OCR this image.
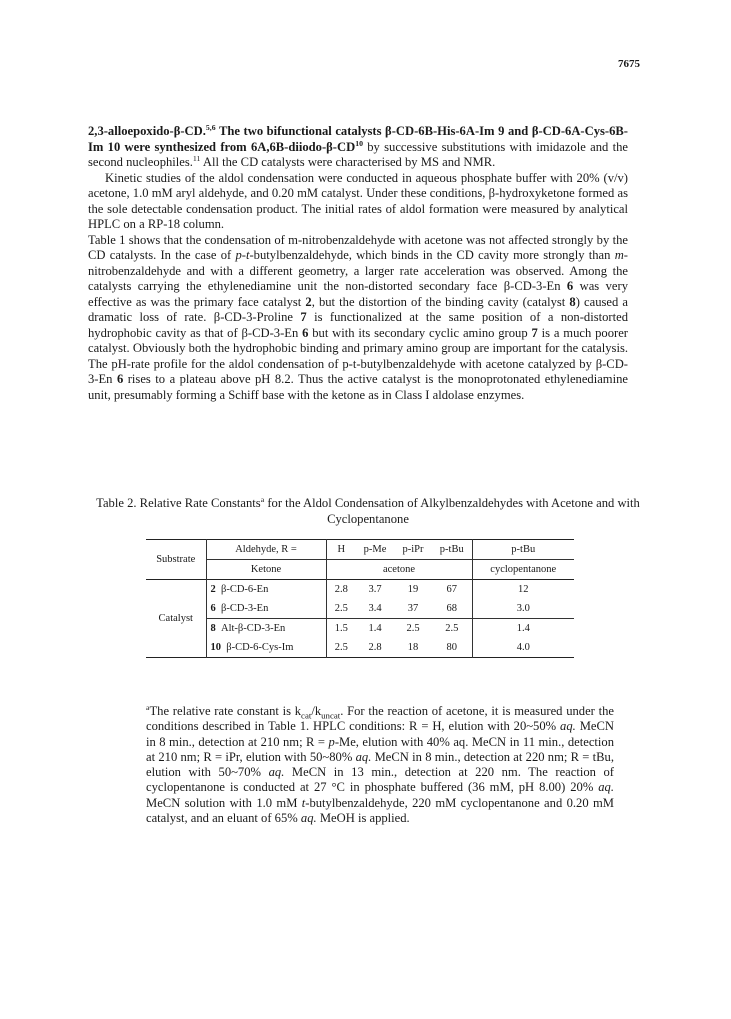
7675

2,3-alloepoxido-β-CD.$^{5,6}$ The two bifunctional catalysts β-CD-6B-His-6A-Im 9 and β-CD-6A-Cys-6B-Im 10 were synthesized from 6A,6B-diiodo-β-CD$^{10}$ by successive substitutions with imidazole and the second nucleophiles.$^{11}$ All the CD catalysts were characterised by MS and NMR.

Kinetic studies of the aldol condensation were conducted in aqueous phosphate buffer with 20% (v/v) acetone, 1.0 mM aryl aldehyde, and 0.20 mM catalyst. Under these conditions, β-hydroxyketone formed as the sole detectable condensation product. The initial rates of aldol formation were measured by analytical HPLC on a RP-18 column.

Table 1 shows that the condensation of m-nitrobenzaldehyde with acetone was not affected strongly by the CD catalysts. In the case of p-t-butylbenzaldehyde, which binds in the CD cavity more strongly than m-nitrobenzaldehyde and with a different geometry, a larger rate acceleration was observed. Among the catalysts carrying the ethylenediamine unit the non-distorted secondary face β-CD-3-En 6 was very effective as was the primary face catalyst 2, but the distortion of the binding cavity (catalyst 8) caused a dramatic loss of rate. β-CD-3-Proline 7 is functionalized at the same position of a non-distorted hydrophobic cavity as that of β-CD-3-En 6 but with its secondary cyclic amino group 7 is a much poorer catalyst. Obviously both the hydrophobic binding and primary amino group are important for the catalysis. The pH-rate profile for the aldol condensation of p-t-butylbenzaldehyde with acetone catalyzed by β-CD-3-En 6 rises to a plateau above pH 8.2. Thus the active catalyst is the monoprotonated ethylenediamine unit, presumably forming a Schiff base with the ketone as in Class I aldolase enzymes.

Table 2. Relative Rate Constants$^a$ for the Aldol Condensation of Alkylbenzaldehydes with Acetone and with Cyclopentanone
Substrate	Aldehyde, R =	H	p-Me	p-iPr	p-tBu	p-tBu
	Ketone	acetone				cyclopentanone
Catalyst	2 β-CD-6-En	2.8	3.7	19	67	12
	6 β-CD-3-En	2.5	3.4	37	68	3.0
	8 Alt-β-CD-3-En	1.5	1.4	2.5	2.5	1.4
	10 β-CD-6-Cys-Im	2.5	2.8	18	80	4.0

$^a$The relative rate constant is $k_{cat}/k_{uncat}$. For the reaction of acetone, it is measured under the conditions described in Table 1. HPLC conditions: R = H, elution with 20~50% aq. MeCN in 8 min., detection at 210 nm; R = p-Me, elution with 40% aq. MeCN in 11 min., detection at 210 nm; R = iPr, elution with 50~80% aq. MeCN in 8 min., detection at 220 nm; R = tBu, elution with 50~70% aq. MeCN in 13 min., detection at 220 nm. The reaction of cyclopentanone is conducted at 27 °C in phosphate buffered (36 mM, pH 8.00) 20% aq. MeCN solution with 1.0 mM t-butylbenzaldehyde, 220 mM cyclopentanone and 0.20 mM catalyst, and an eluant of 65% aq. MeOH is applied.
